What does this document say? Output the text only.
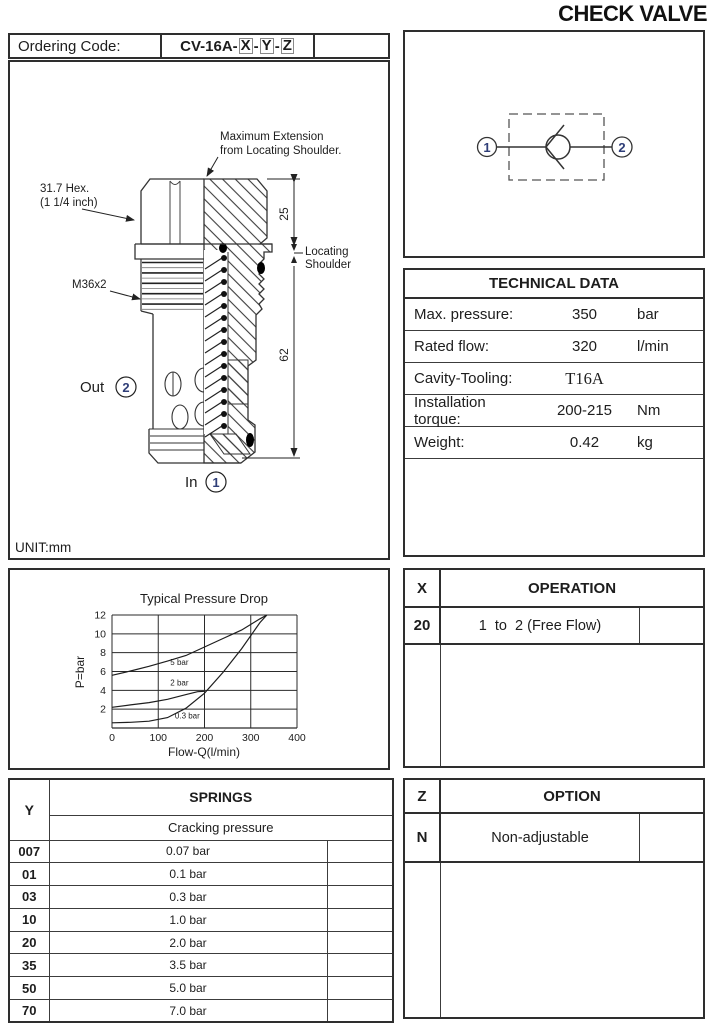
CHECK VALVE
Ordering Code:	CV-16A- X - Y - Z
25
Locating
Shoulder
62
Maximum Extension
from Locating Shoulder.
31.7 Hex.
(1 1/4 inch)
M36x2
Out 2
In 1
UNIT:mm
Typical Pressure Drop
Flow-Q(l/min)
P=bar
0	100	200	300	400
2
4
6
8
10
12
5 bar
2 bar
0.3 bar
1	2
TECHNICAL DATA
Max. pressure:	350	bar
Rated flow:	320	l/min
Cavity-Tooling:	T16A
Installation torque:	200-215	Nm
Weight:	0.42	kg
X	OPERATION
20	1  to  2 (Free Flow)
Z	OPTION
N	Non-adjustable
Y	SPRINGS	
	Cracking pressure	
007	0.07 bar	
01	0.1 bar	
03	0.3 bar	
10	1.0 bar	
20	2.0 bar	
35	3.5 bar	
50	5.0 bar	
70	7.0 bar	
